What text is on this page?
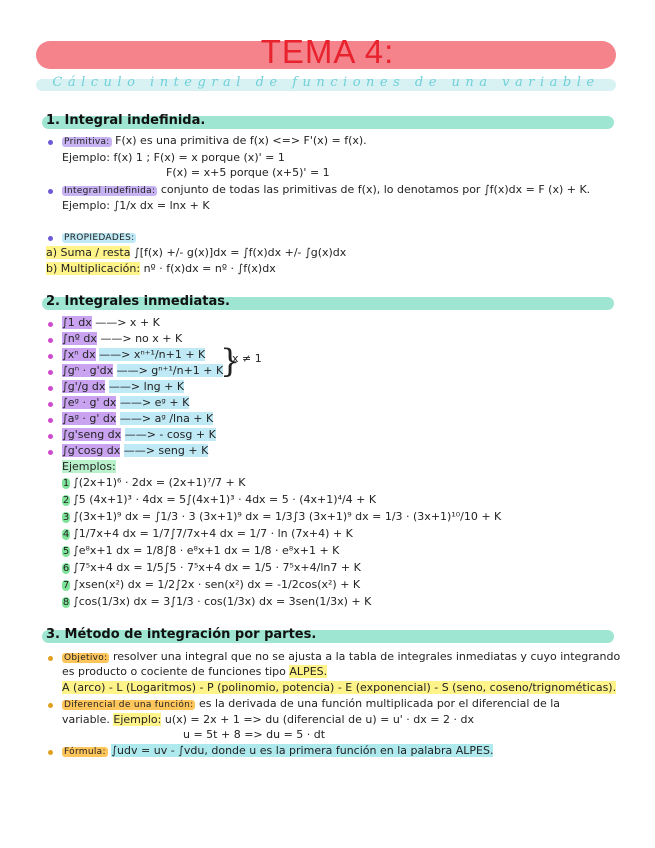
TEMA 4:
Cálculo integral de funciones de una variable
1. Integral indefinida.
Primitiva: F(x) es una primitiva de f(x) <=> F'(x) = f(x).
Ejemplo: f(x) 1 ; F(x) = x porque (x)' = 1
F(x) = x+5 porque (x+5)' = 1
Integral indefinida: conjunto de todas las primitivas de f(x), lo denotamos por ∫f(x)dx = F (x) + K.
Ejemplo: ∫1/x dx = lnx + K
PROPIEDADES:
a) Suma / resta ∫[f(x) +/- g(x)]dx = ∫f(x)dx +/- ∫g(x)dx
b) Multiplicación: nº · f(x)dx = nº · ∫f(x)dx
2. Integrales inmediatas.
∫1 dx ——> x + K
∫nº dx ——> no x + K
∫xⁿ dx ——> xⁿ⁺¹/n+1 + K
∫gⁿ · g'dx ——> gⁿ⁺¹/n+1 + K
}
x ≠ 1
∫g'/g dx ——> lng + K
∫eᵍ · g' dx ——> eᵍ + K
∫aᵍ · g' dx ——> aᵍ /lna + K
∫g'seng dx ——> - cosg + K
∫g'cosg dx ——> seng + K
Ejemplos:
1 ∫(2x+1)⁶ · 2dx = (2x+1)⁷/7 + K
2 ∫5 (4x+1)³ · 4dx = 5∫(4x+1)³ · 4dx = 5 · (4x+1)⁴/4 + K
3 ∫(3x+1)⁹ dx = ∫1/3 · 3 (3x+1)⁹ dx = 1/3∫3 (3x+1)⁹ dx = 1/3 · (3x+1)¹⁰/10 + K
4 ∫1/7x+4 dx = 1/7∫7/7x+4 dx = 1/7 · ln (7x+4) + K
5 ∫e⁸x+1 dx = 1/8∫8 · e⁸x+1 dx = 1/8 · e⁸x+1 + K
6 ∫7⁵x+4 dx = 1/5∫5 · 7⁵x+4 dx = 1/5 · 7⁵x+4/ln7 + K
7 ∫xsen(x²) dx = 1/2∫2x · sen(x²) dx = -1/2cos(x²) + K
8 ∫cos(1/3x) dx = 3∫1/3 · cos(1/3x) dx = 3sen(1/3x) + K
3. Método de integración por partes.
Objetivo: resolver una integral que no se ajusta a la tabla de integrales inmediatas y cuyo integrando
es producto o cociente de funciones tipo ALPES.
A (arco) - L (Logaritmos) - P (polinomio, potencia) - E (exponencial) - S (seno, coseno/trignométicas).
Diferencial de una función: es la derivada de una función multiplicada por el diferencial de la
variable. Ejemplo: u(x) = 2x + 1 => du (diferencial de u) = u' · dx = 2 · dx
u = 5t + 8 => du = 5 · dt
Fórmula: ∫udv = uv - ∫vdu, donde u es la primera función en la palabra ALPES.
